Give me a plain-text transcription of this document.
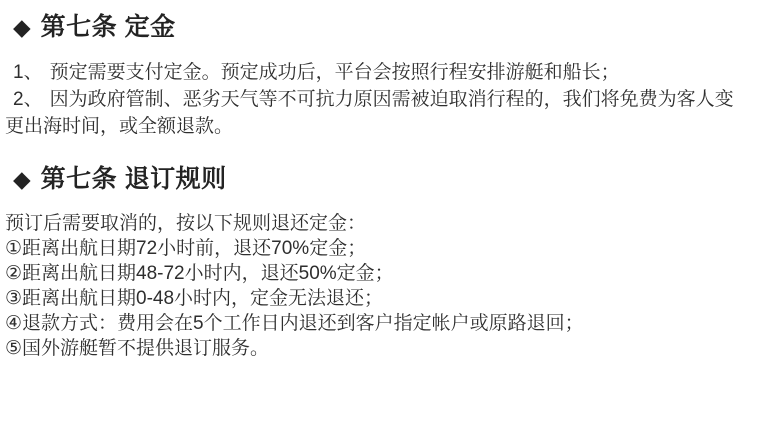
◆ 第七条 定金

1、 预定需要支付定金。预定成功后，平台会按照行程安排游艇和船长；

2、 因为政府管制、恶劣天气等不可抗力原因需被迫取消行程的，我们将免费为客人变更出海时间，或全额退款。

◆ 第七条 退订规则

预订后需要取消的，按以下规则退还定金：

①距离出航日期72小时前，退还70%定金；

②距离出航日期48-72小时内，退还50%定金；

③距离出航日期0-48小时内，定金无法退还；

④退款方式：费用会在5个工作日内退还到客户指定帐户或原路退回；

⑤国外游艇暂不提供退订服务。
